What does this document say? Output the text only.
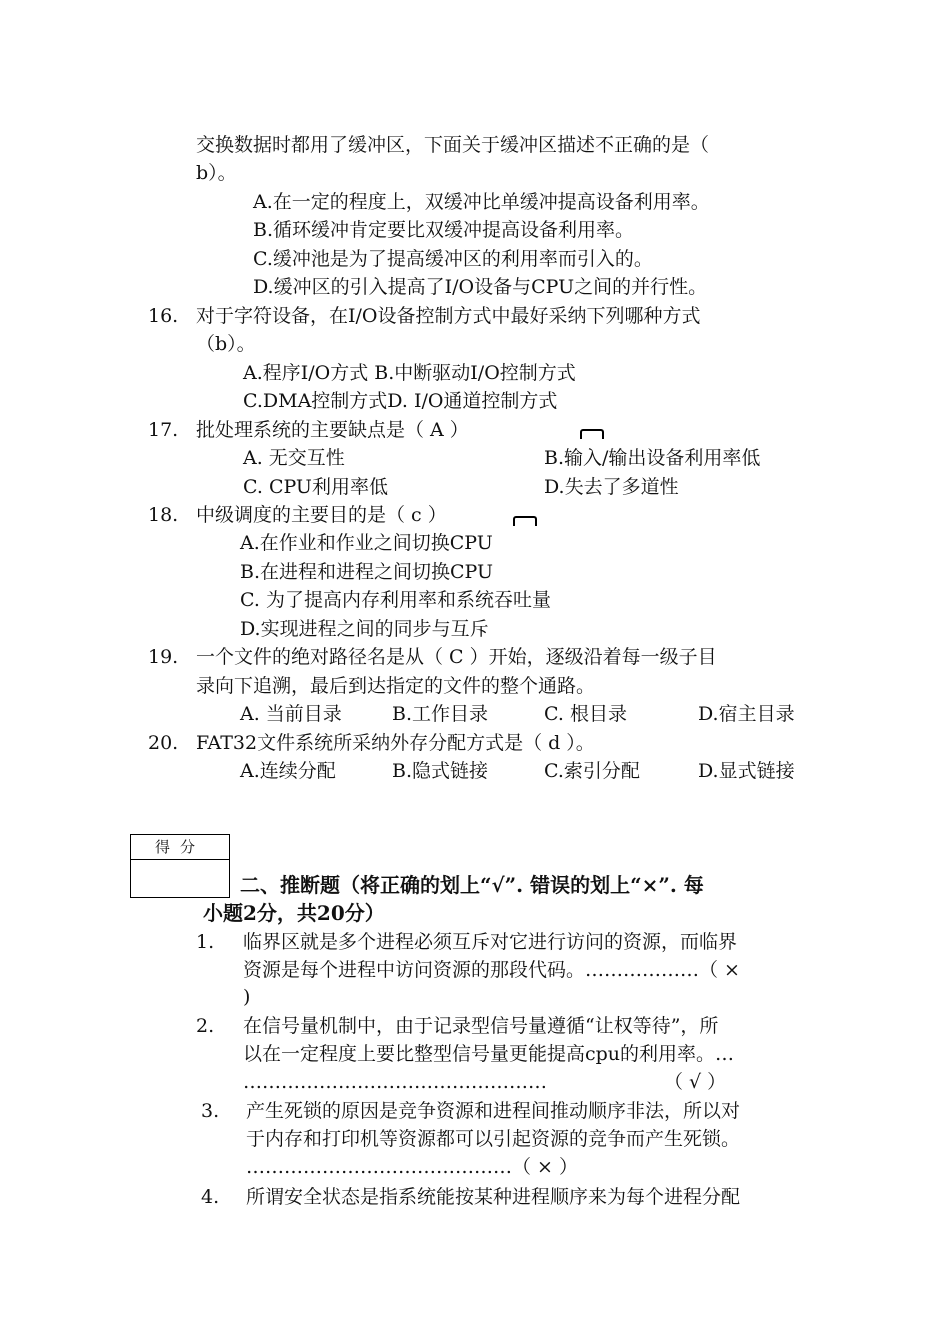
交换数据时都用了缓冲区，下面关于缓冲区描述不正确的是（
b）。
A.在一定的程度上，双缓冲比单缓冲提高设备利用率。
B.循环缓冲肯定要比双缓冲提高设备利用率。
C.缓冲池是为了提高缓冲区的利用率而引入的。
D.缓冲区的引入提高了I/O设备与CPU之间的并行性。
16. 对于字符设备，在I/O设备控制方式中最好采纳下列哪种方式
（b）。
A.程序I/O方式 B.中断驱动I/O控制方式
C.DMA控制方式D. I/O通道控制方式
17. 批处理系统的主要缺点是（ A ）
A. 无交互性	B.输入/输出设备利用率低
C. CPU利用率低	D.失去了多道性
18. 中级调度的主要目的是（ c ）
A.在作业和作业之间切换CPU
B.在进程和进程之间切换CPU
C. 为了提高内存利用率和系统吞吐量
D.实现进程之间的同步与互斥
19. 一个文件的绝对路径名是从（ C ）开始，逐级沿着每一级子目
录向下追溯，最后到达指定的文件的整个通路。
A. 当前目录	B.工作目录	C. 根目录	D.宿主目录
20. FAT32文件系统所采纳外存分配方式是（ d ）。
A.连续分配	B.隐式链接	C.索引分配	D.显式链接
得分
二、推断题（将正确的划上“√”. 错误的划上“×”. 每
小题2分，共20分）
1. 临界区就是多个进程必须互斥对它进行访问的资源，而临界
资源是每个进程中访问资源的那段代码。………………（ ×
)
2. 在信号量机制中，由于记录型信号量遵循“让权等待”，所
以在一定程度上要比整型信号量更能提高cpu的利用率。…
…………………………………………	（ √ ）
3. 产生死锁的原因是竞争资源和进程间推动顺序非法，所以对
于内存和打印机等资源都可以引起资源的竞争而产生死锁。
……………………………………（ × ）
4. 所谓安全状态是指系统能按某种进程顺序来为每个进程分配
